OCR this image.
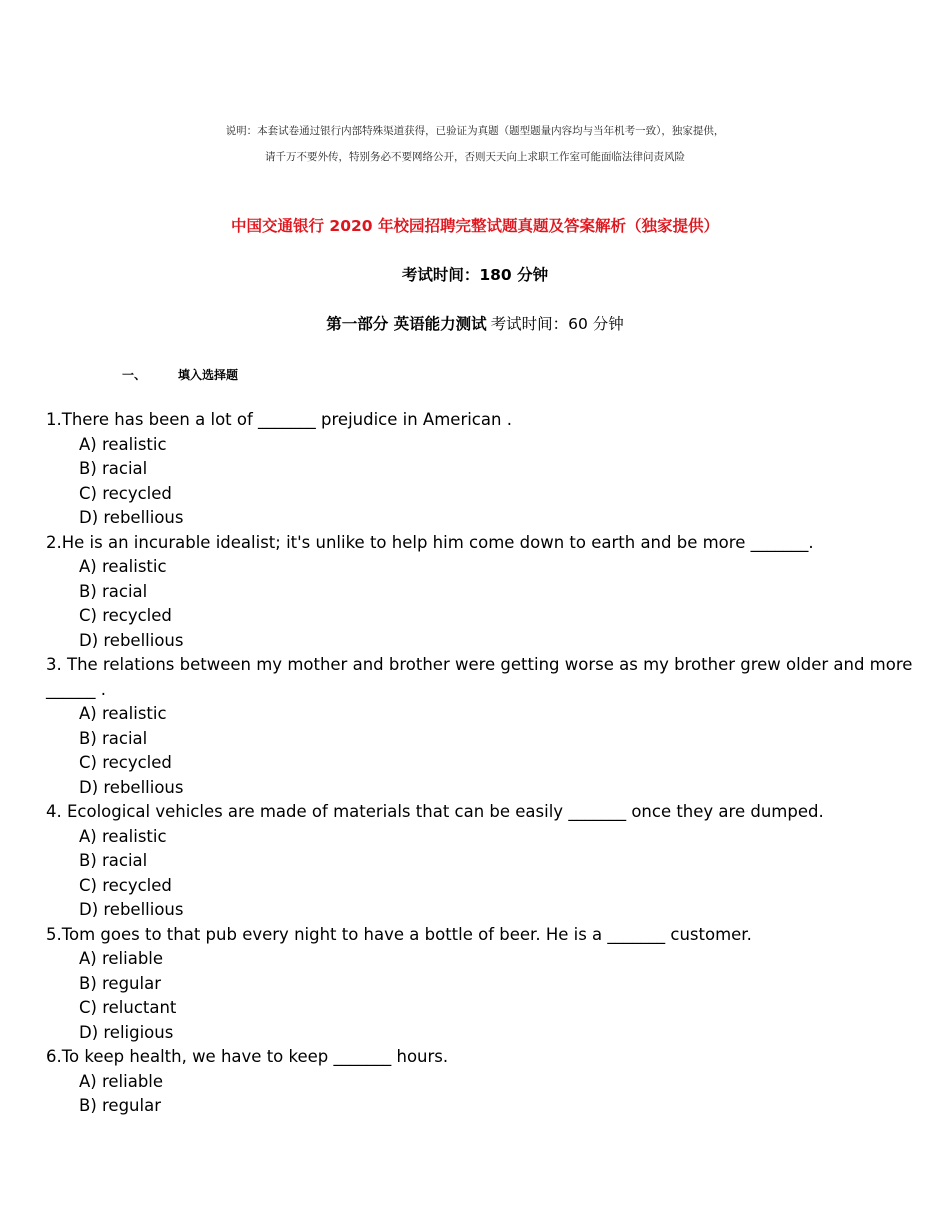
说明：本套试卷通过银行内部特殊渠道获得，已验证为真题（题型题量内容均与当年机考一致），独家提供，
请千万不要外传，特别务必不要网络公开，否则天天向上求职工作室可能面临法律问责风险
中国交通银行 2020 年校园招聘完整试题真题及答案解析（独家提供）
考试时间：180 分钟
第一部分 英语能力测试 考试时间：60 分钟
一、	填入选择题

1.There has been a lot of _______ prejudice in American .

A) realistic

B) racial

C) recycled

D) rebellious

2.He is an incurable idealist; it's unlike to help him come down to earth and be more _______.

A) realistic

B) racial

C) recycled

D) rebellious

3. The relations between my mother and brother were getting worse as my brother grew older and more ______ .

A) realistic

B) racial

C) recycled

D) rebellious

4. Ecological vehicles are made of materials that can be easily _______ once they are dumped.

A) realistic

B) racial

C) recycled

D) rebellious

5.Tom goes to that pub every night to have a bottle of beer. He is a _______ customer.

A) reliable

B) regular

C) reluctant

D) religious

6.To keep health, we have to keep _______ hours.

A) reliable

B) regular
